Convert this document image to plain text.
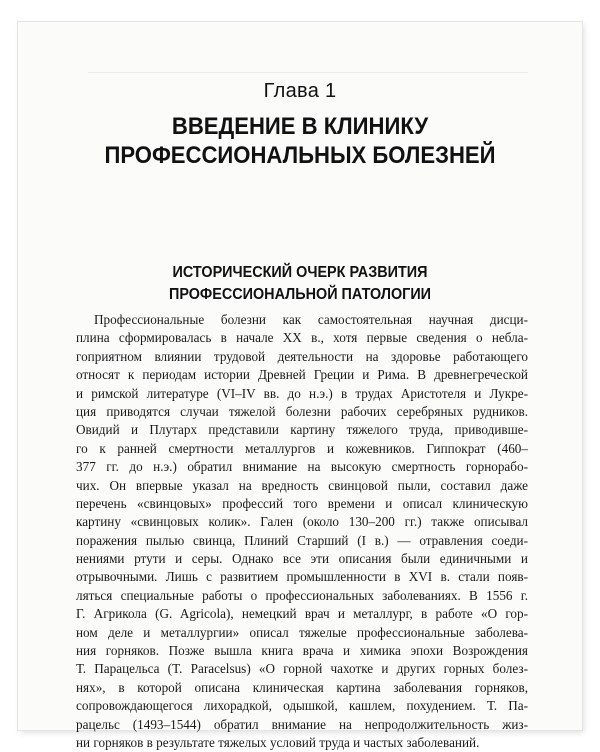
Глава 1
ВВЕДЕНИЕ В КЛИНИКУ
ПРОФЕССИОНАЛЬНЫХ БОЛЕЗНЕЙ
ИСТОРИЧЕСКИЙ ОЧЕРК РАЗВИТИЯ
ПРОФЕССИОНАЛЬНОЙ ПАТОЛОГИИ
Профессиональные болезни как самостоятельная научная дисци-
плина сформировалась в начале XX в., хотя первые сведения о небла-
гоприятном влиянии трудовой деятельности на здоровье работающего
относят к периодам истории Древней Греции и Рима. В древнегреческой
и римской литературе (VI–IV вв. до н.э.) в трудах Аристотеля и Лукре-
ция приводятся случаи тяжелой болезни рабочих серебряных рудников.
Овидий и Плутарх представили картину тяжелого труда, приводивше-
го к ранней смертности металлургов и кожевников. Гиппократ (460–
377 гг. до н.э.) обратил внимание на высокую смертность горнорабо-
чих. Он впервые указал на вредность свинцовой пыли, составил даже
перечень «свинцовых» профессий того времени и описал клиническую
картину «свинцовых колик». Гален (около 130–200 гг.) также описывал
поражения пылью свинца, Плиний Старший (I в.) — отравления соеди-
нениями ртути и серы. Однако все эти описания были единичными и
отрывочными. Лишь с развитием промышленности в XVI в. стали появ-
ляться специальные работы о профессиональных заболеваниях. В 1556 г.
Г. Агрикола (G. Agricola), немецкий врач и металлург, в работе «О гор-
ном деле и металлургии» описал тяжелые профессиональные заболева-
ния горняков. Позже вышла книга врача и химика эпохи Возрождения
Т. Парацельса (T. Paracelsus) «О горной чахотке и других горных болез-
нях», в которой описана клиническая картина заболевания горняков,
сопровождающегося лихорадкой, одышкой, кашлем, похудением. Т. Па-
рацельс (1493–1544) обратил внимание на непродолжительность жиз-
ни горняков в результате тяжелых условий труда и частых заболеваний.
